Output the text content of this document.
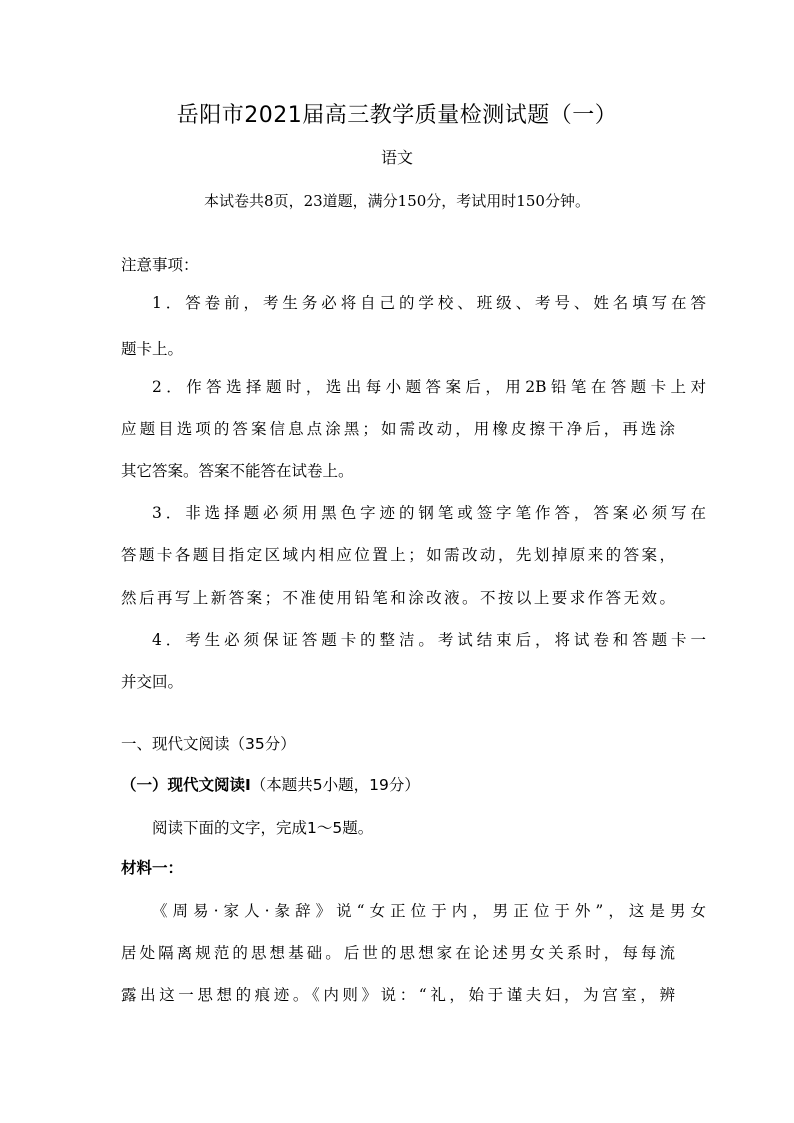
岳阳市2021届高三教学质量检测试题（一）
语文
本试卷共8页，23道题，满分150分，考试用时150分钟。
注意事项：
1．答卷前，考生务必将自己的学校、班级、考号、姓名填写在答
题卡上。
2．作答选择题时，选出每小题答案后，用2B铅笔在答题卡上对
应题目选项的答案信息点涂黑；如需改动，用橡皮擦干净后，再选涂
其它答案。答案不能答在试卷上。
3．非选择题必须用黑色字迹的钢笔或签字笔作答，答案必须写在
答题卡各题目指定区域内相应位置上；如需改动，先划掉原来的答案，
然后再写上新答案；不准使用铅笔和涂改液。不按以上要求作答无效。
4．考生必须保证答题卡的整洁。考试结束后，将试卷和答题卡一
并交回。
一、现代文阅读（35分）
（一）现代文阅读Ⅰ（本题共5小题，19分）
阅读下面的文字，完成1～5题。
材料一：
《周易·家人·彖辞》说“女正位于内，男正位于外”，这是男女
居处隔离规范的思想基础。后世的思想家在论述男女关系时，每每流
露出这一思想的痕迹。《内则》说：“礼，始于谨夫妇，为宫室，辨
